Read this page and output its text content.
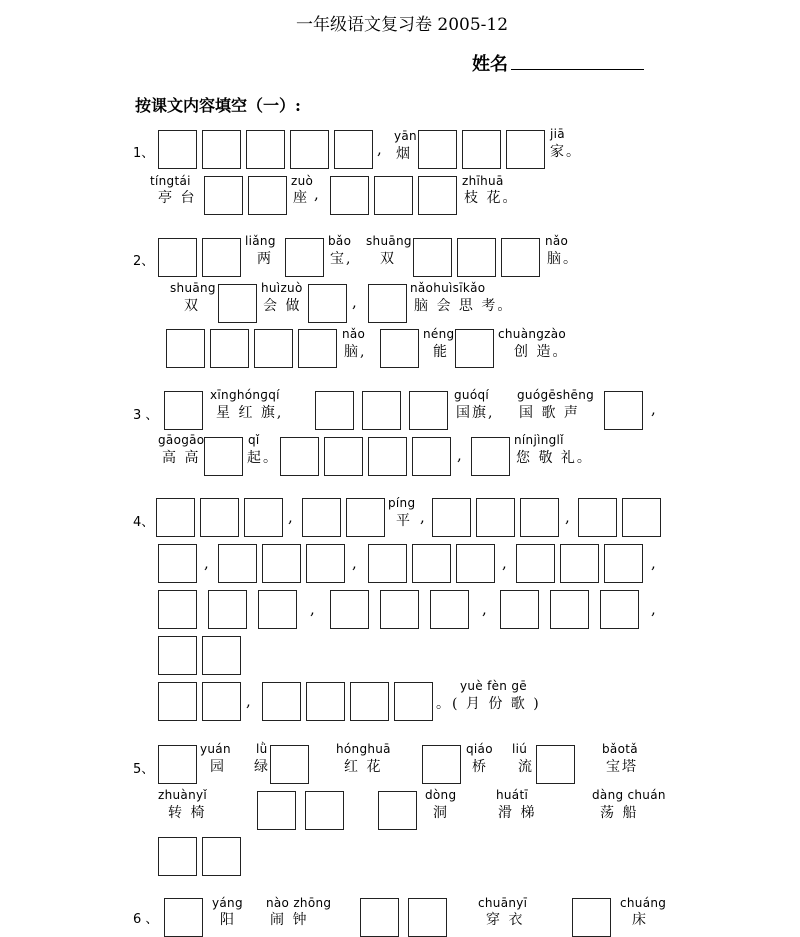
一年级语文复习卷 2005-12
姓名
按课文内容填空（一）:
1、	,
yān
烟
jiā
家。
tíngtái
亭 台
zuò
座 ,
zhīhuā
枝 花。
2、
liǎng
两
bǎo
宝,
shuāng
双
nǎo
脑。
shuāng
双
huìzuò
会 做	,
nǎohuìsīkǎo
脑 会 思 考。
nǎo
脑,
néng
能
chuàngzào
创 造。
3 、
xīnghónɡqí
星 红 旗,
guóqí
国旗,
guógēshēng
国 歌 声	,
gāogāo
高 高
qǐ
起。	,
nínjìnglǐ
您 敬 礼。
4、	,
píng
平 ,	,
,	,	,	,
,	,	,
,
yuè fèn gē
。( 月 份 歌 )
5、
yuán
园
lǜ
绿
hónghuā
红 花
qiáo
桥
liú
流
bǎotǎ
宝塔
zhuànyǐ
转 椅
dòng
洞
huátī
滑 梯
dàng chuán
荡 船
6 、
yáng
阳
nào zhōng
闹 钟
chuānyī
穿 衣
chuáng
床
